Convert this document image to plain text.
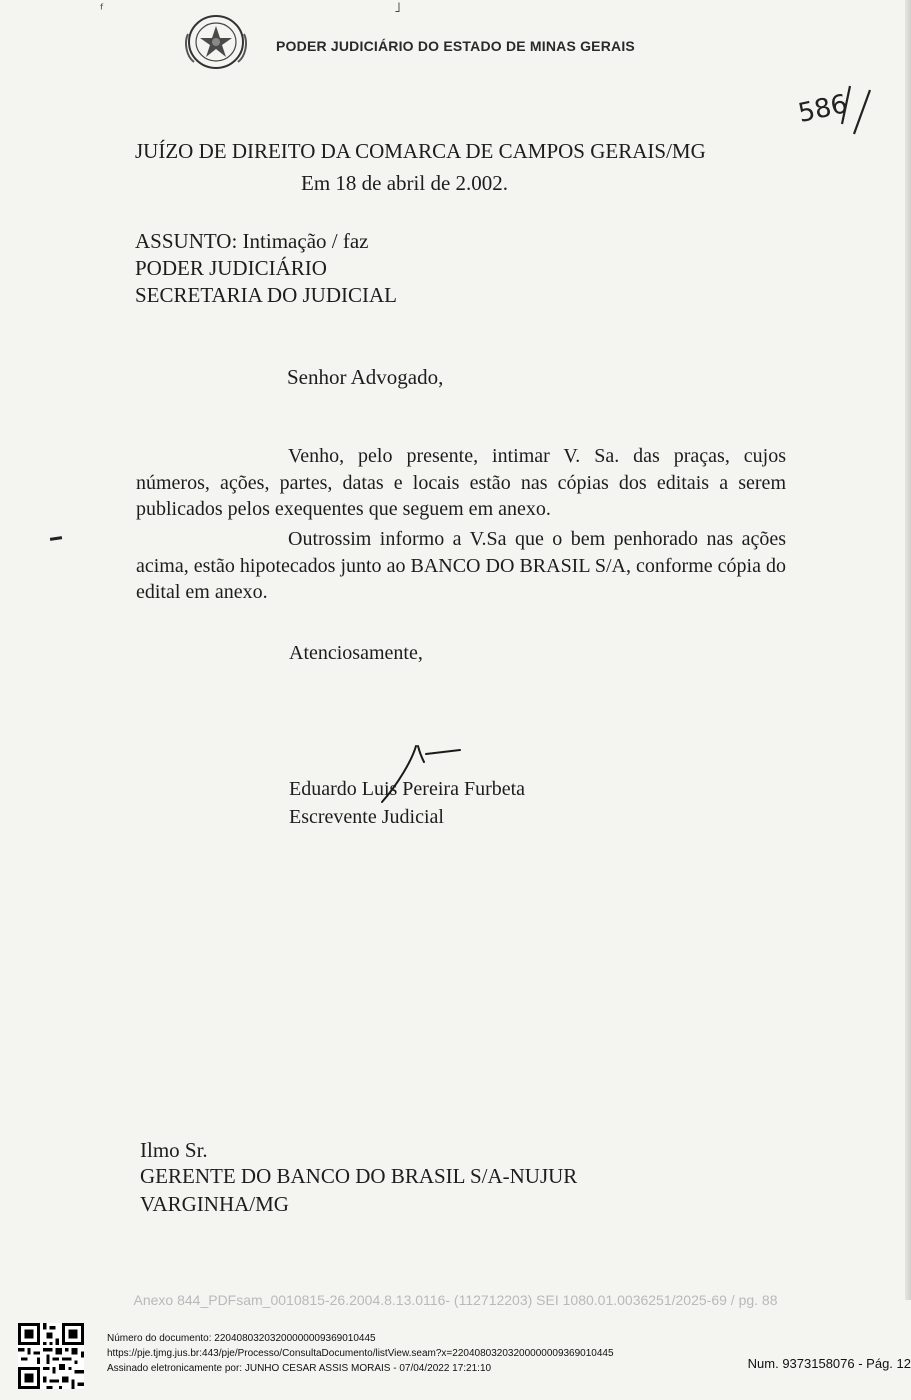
ᶠ	˩
PODER JUDICIÁRIO DO ESTADO DE MINAS GERAIS
586
JUÍZO DE DIREITO DA COMARCA DE CAMPOS GERAIS/MG
Em 18 de abril de 2.002.
ASSUNTO: Intimação / faz
PODER JUDICIÁRIO
SECRETARIA DO JUDICIAL
Senhor Advogado,
Venho, pelo presente, intimar V. Sa. das praças, cujos números, ações, partes, datas e locais estão nas cópias dos editais a serem publicados pelos exequentes que seguem em anexo.
Outrossim informo a V.Sa que o bem penhorado nas ações acima, estão hipotecados junto ao BANCO DO BRASIL S/A, conforme cópia do edital em anexo.
Atenciosamente,
Eduardo Luis Pereira Furbeta
Escrevente Judicial
Ilmo Sr.
GERENTE DO BANCO DO BRASIL S/A-NUJUR
VARGINHA/MG
Anexo 844_PDFsam_0010815-26.2004.8.13.0116- (112712203) SEI 1080.01.0036251/2025-69 / pg. 88
Número do documento: 22040803203200000009369010445
https://pje.tjmg.jus.br:443/pje/Processo/ConsultaDocumento/listView.seam?x=22040803203200000009369010445
Assinado eletronicamente por: JUNHO CESAR ASSIS MORAIS - 07/04/2022 17:21:10	Num. 9373158076 - Pág. 12
